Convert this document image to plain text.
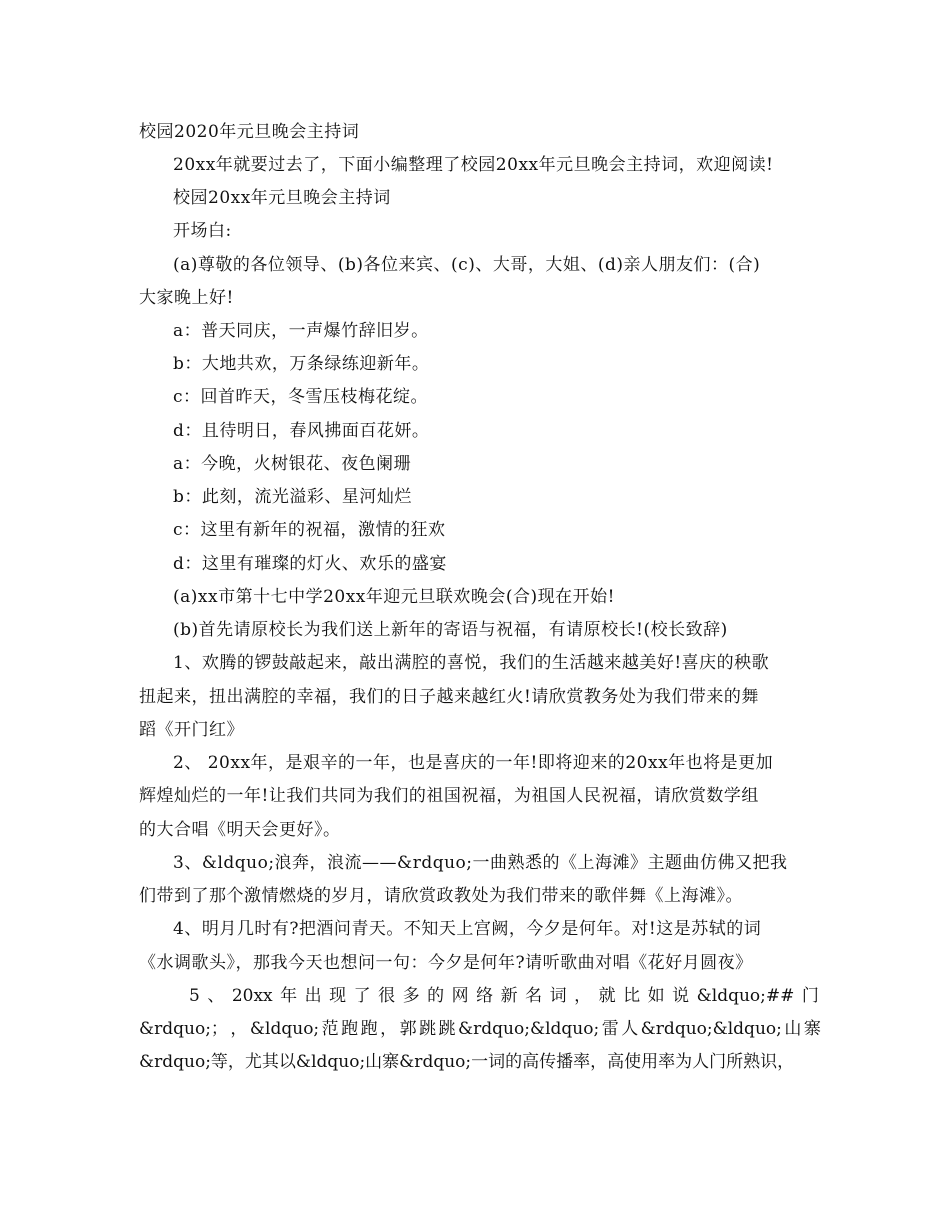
校园2020年元旦晚会主持词
20xx年就要过去了，下面小编整理了校园20xx年元旦晚会主持词，欢迎阅读!
校园20xx年元旦晚会主持词
开场白:
(a)尊敬的各位领导、(b)各位来宾、(c)、大哥，大姐、(d)亲人朋友们：(合)
大家晚上好!
a：普天同庆，一声爆竹辞旧岁。
b：大地共欢，万条绿练迎新年。
c：回首昨天，冬雪压枝梅花绽。
d：且待明日，春风拂面百花妍。
a：今晚，火树银花、夜色阑珊
b：此刻，流光溢彩、星河灿烂
c：这里有新年的祝福，激情的狂欢
d：这里有璀璨的灯火、欢乐的盛宴
(a)xx市第十七中学20xx年迎元旦联欢晚会(合)现在开始!
(b)首先请原校长为我们送上新年的寄语与祝福，有请原校长!(校长致辞)
1、欢腾的锣鼓敲起来，敲出满腔的喜悦，我们的生活越来越美好!喜庆的秧歌
扭起来，扭出满腔的幸福，我们的日子越来越红火!请欣赏教务处为我们带来的舞
蹈《开门红》
2、 20xx年，是艰辛的一年，也是喜庆的一年!即将迎来的20xx年也将是更加
辉煌灿烂的一年!让我们共同为我们的祖国祝福，为祖国人民祝福，请欣赏数学组
的大合唱《明天会更好》。
3、&ldquo;浪奔，浪流——&rdquo;一曲熟悉的《上海滩》主题曲仿佛又把我
们带到了那个激情燃烧的岁月，请欣赏政教处为我们带来的歌伴舞《上海滩》。
4、明月几时有?把酒问青天。不知天上宫阙，今夕是何年。对!这是苏轼的词
《水调歌头》，那我今天也想问一句：今夕是何年?请听歌曲对唱《花好月圆夜》
5 、 20xx 年 出 现 了 很 多 的 网 络 新 名 词 ， 就 比 如 说 &ldquo;## 门
&rdquo;； ， &ldquo; 范 跑 跑 ， 郭 跳 跳 &rdquo;&ldquo; 雷 人 &rdquo;&ldquo; 山 寨
&rdquo;等，尤其以&ldquo;山寨&rdquo;一词的高传播率，高使用率为人门所熟识，
